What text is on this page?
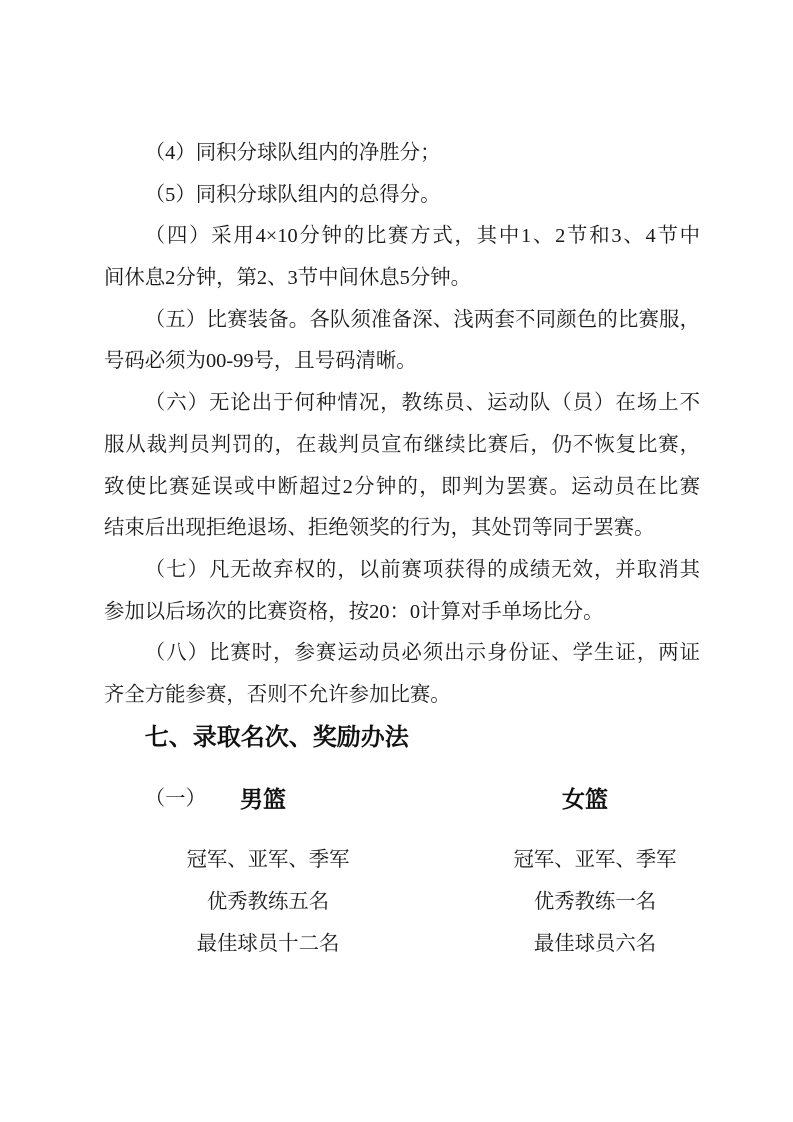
（4）同积分球队组内的净胜分；
（5）同积分球队组内的总得分。
（四）采用4×10分钟的比赛方式，其中1、2节和3、4节中
间休息2分钟，第2、3节中间休息5分钟。
（五）比赛装备。各队须准备深、浅两套不同颜色的比赛服，
号码必须为00-99号，且号码清晰。
（六）无论出于何种情况，教练员、运动队（员）在场上不
服从裁判员判罚的，在裁判员宣布继续比赛后，仍不恢复比赛，
致使比赛延误或中断超过2分钟的，即判为罢赛。运动员在比赛
结束后出现拒绝退场、拒绝领奖的行为，其处罚等同于罢赛。
（七）凡无故弃权的，以前赛项获得的成绩无效，并取消其
参加以后场次的比赛资格，按20：0计算对手单场比分。
（八）比赛时，参赛运动员必须出示身份证、学生证，两证
齐全方能参赛，否则不允许参加比赛。
七、录取名次、奖励办法
（一） 男篮	女篮
冠军、亚军、季军	冠军、亚军、季军
优秀教练五名	优秀教练一名
最佳球员十二名	最佳球员六名
